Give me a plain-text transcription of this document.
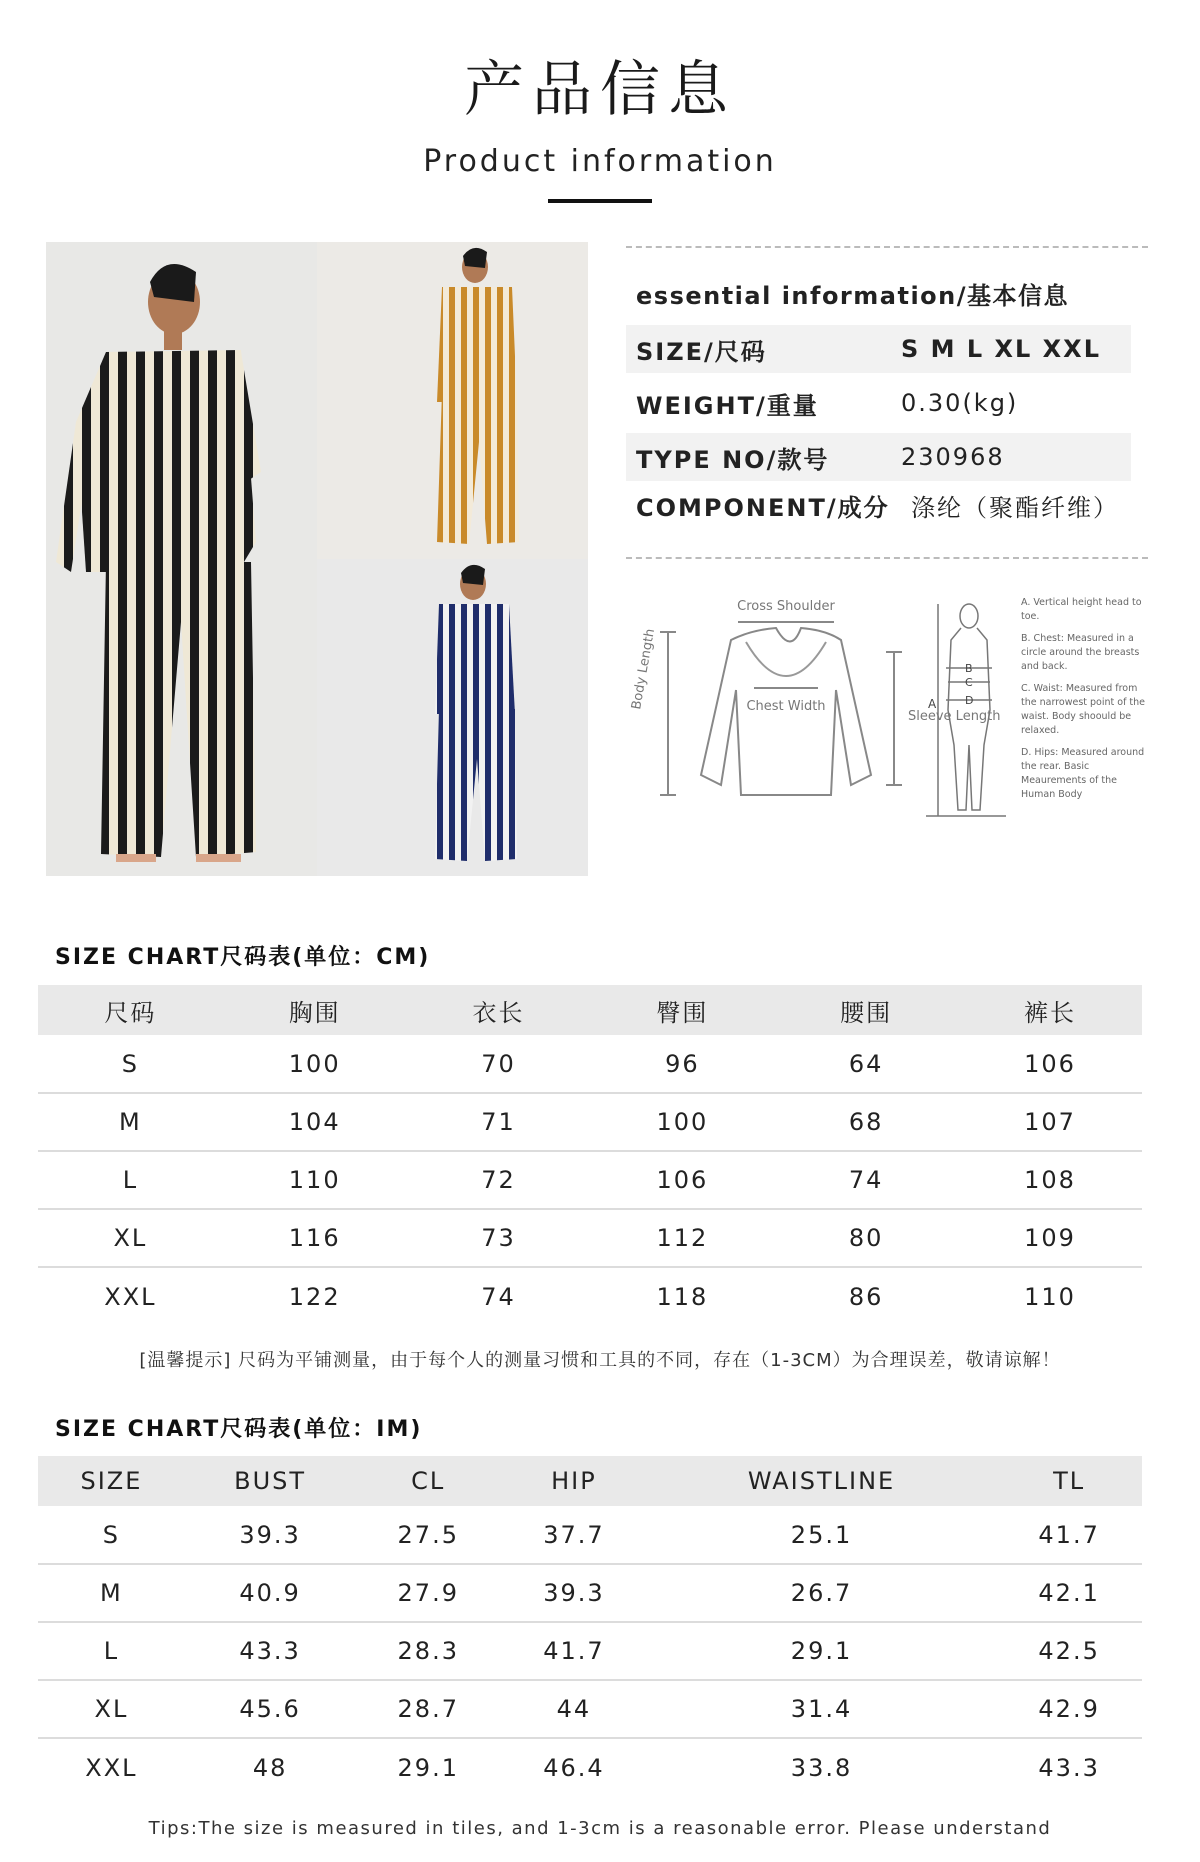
产品信息
Product information
essential information/基本信息
SIZE/尺码	S M L XL XXL
WEIGHT/重量	0.30(kg)
TYPE NO/款号	230968
COMPONENT/成分 涤纶（聚酯纤维）
Cross Shoulder
Body Length	Chest Width
Sleeve Length
A
B
C
D
A. Vertical height head to toe.
B. Chest: Measured in a circle around the breasts and back.
C. Waist: Measured from the narrowest point of the waist. Body shoould be relaxed.
D. Hips: Measured around the rear. Basic Meaurements of the Human Body
SIZE CHART尺码表(单位：CM)
尺码	胸围	衣长	臀围	腰围	裤长
S	100	70	96	64	106
M	104	71	100	68	107
L	110	72	106	74	108
XL	116	73	112	80	109
XXL	122	74	118	86	110
[温馨提示] 尺码为平铺测量，由于每个人的测量习惯和工具的不同，存在（1-3CM）为合理误差，敬请谅解！
SIZE CHART尺码表(单位：IM)
SIZE	BUST	CL	HIP	WAISTLINE	TL
S	39.3	27.5	37.7	25.1	41.7
M	40.9	27.9	39.3	26.7	42.1
L	43.3	28.3	41.7	29.1	42.5
XL	45.6	28.7	44	31.4	42.9
XXL	48	29.1	46.4	33.8	43.3
Tips:The size is measured in tiles, and 1-3cm is a reasonable error. Please understand
